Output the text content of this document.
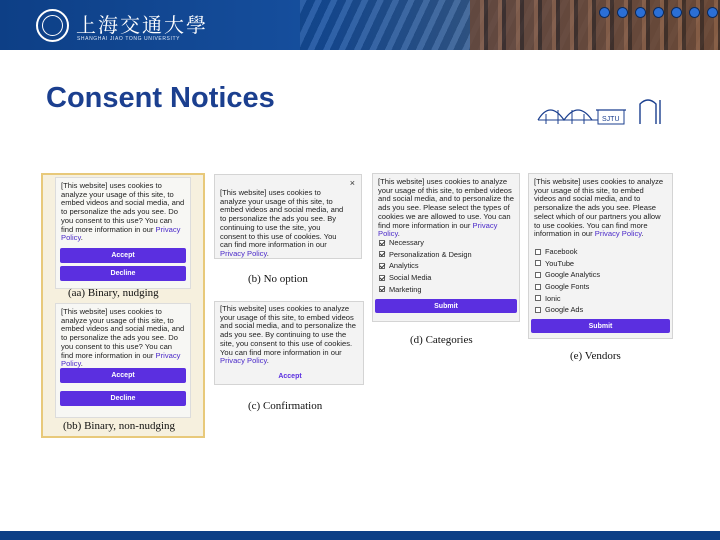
上海交通大學
SHANGHAI JIAO TONG UNIVERSITY
Consent Notices
SJTU
[This website] uses cookies to analyze your usage of this site, to embed videos and social media, and to personalize the ads you see. Do you consent to this use? You can find more information in our Privacy Policy.
Accept
Decline
(aa) Binary, nudging
[This website] uses cookies to analyze your usage of this site, to embed videos and social media, and to personalize the ads you see. Do you consent to this use? You can find more information in our Privacy Policy.
Accept
Decline
(bb) Binary, non-nudging
×
[This website] uses cookies to analyze your usage of this site, to embed videos and social media, and to personalize the ads you see. By continuing to use the site, you consent to this use of cookies. You can find more information in our Privacy Policy.
(b) No option
[This website] uses cookies to analyze your usage of this site, to embed videos and social media, and to personalize the ads you see. By continuing to use the site, you consent to this use of cookies. You can find more information in our Privacy Policy.
Accept
(c) Confirmation
[This website] uses cookies to analyze your usage of this site, to embed videos and social media, and to personalize the ads you see. Please select the types of cookies we are allowed to use. You can find more information in our Privacy Policy.
Necessary
Personalization & Design
Analytics
Social Media
Marketing
Submit
(d) Categories
[This website] uses cookies to analyze your usage of this site, to embed videos and social media, and to personalize the ads you see. Please select which of our partners you allow to use cookies. You can find more information in our Privacy Policy.
Facebook
YouTube
Google Analytics
Google Fonts
Ionic
Google Ads
Submit
(e) Vendors
